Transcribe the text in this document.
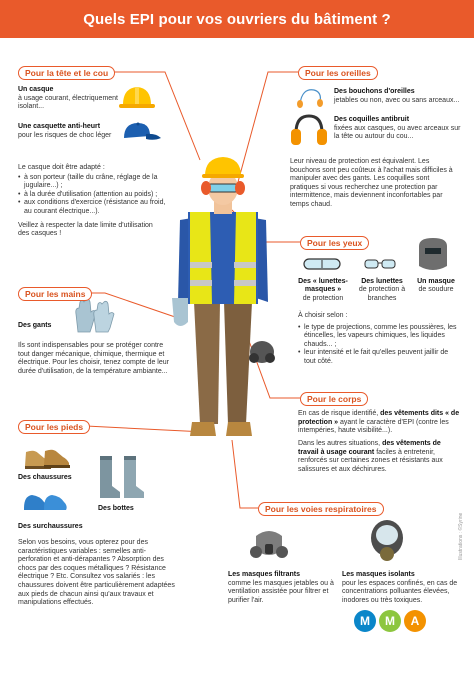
Quels EPI pour vos ouvriers du bâtiment ?
Pour la tête et le cou
Un casque
à usage courant, électriquement isolant...
Une casquette anti-heurt
pour les risques de choc léger
Le casque doit être adapté :
• à son porteur (taille du crâne, réglage de la jugulaire...) ;
• à la durée d'utilisation (attention au poids) ;
• aux conditions d'exercice (résistance au froid, au courant électrique...).
Veillez à respecter la date limite d'utilisation des casques !
Pour les mains
Des gants
Ils sont indispensables pour se protéger contre tout danger mécanique, chimique, thermique et électrique. Pour les choisir, tenez compte de leur durée d'utilisation, de la température ambiante...
Pour les pieds
Des chaussures
Des bottes
Des surchaussures
Selon vos besoins, vous opterez pour des caractéristiques variables : semelles anti-perforation et anti-dérapantes ? Absorption des chocs par des coques métalliques ? Résistance électrique ? Etc. Consultez vos salariés : les chaussures doivent être particulièrement adaptées aux pieds de chacun ainsi qu'aux travaux et manipulations effectués.
Pour les oreilles
Des bouchons d'oreilles
jetables ou non, avec ou sans arceaux...
Des coquilles antibruit
fixées aux casques, ou avec arceaux sur la tête ou autour du cou...
Leur niveau de protection est équivalent. Les bouchons sont peu coûteux à l'achat mais difficiles à manipuler avec des gants. Les coquilles sont pratiques si vous recherchez une protection par intermittence, mais deviennent inconfortables par temps chaud.
Pour les yeux
Des « lunettes-masques »
de protection
Des lunettes
de protection à branches
Un masque
de soudure
À choisir selon :
• le type de projections, comme les poussières, les étincelles, les vapeurs chimiques, les liquides chauds... ;
• leur intensité et le fait qu'elles peuvent jaillir de tout côté.
Pour le corps
En cas de risque identifié, des vêtements dits « de protection » ayant le caractère d'EPI (contre les intempéries, haute visibilité...).
Dans les autres situations, des vêtements de travail à usage courant faciles à entretenir, renforcés sur certaines zones et résistants aux salissures et aux déchirures.
Pour les voies respiratoires
Les masques filtrants
comme les masques jetables ou à ventilation assistée pour filtrer et purifier l'air.
Les masques isolants
pour les espaces confinés, en cas de concentrations polluantes élevées, inodores ou très toxiques.
Illustrations : ©Syrine
M	M	A
